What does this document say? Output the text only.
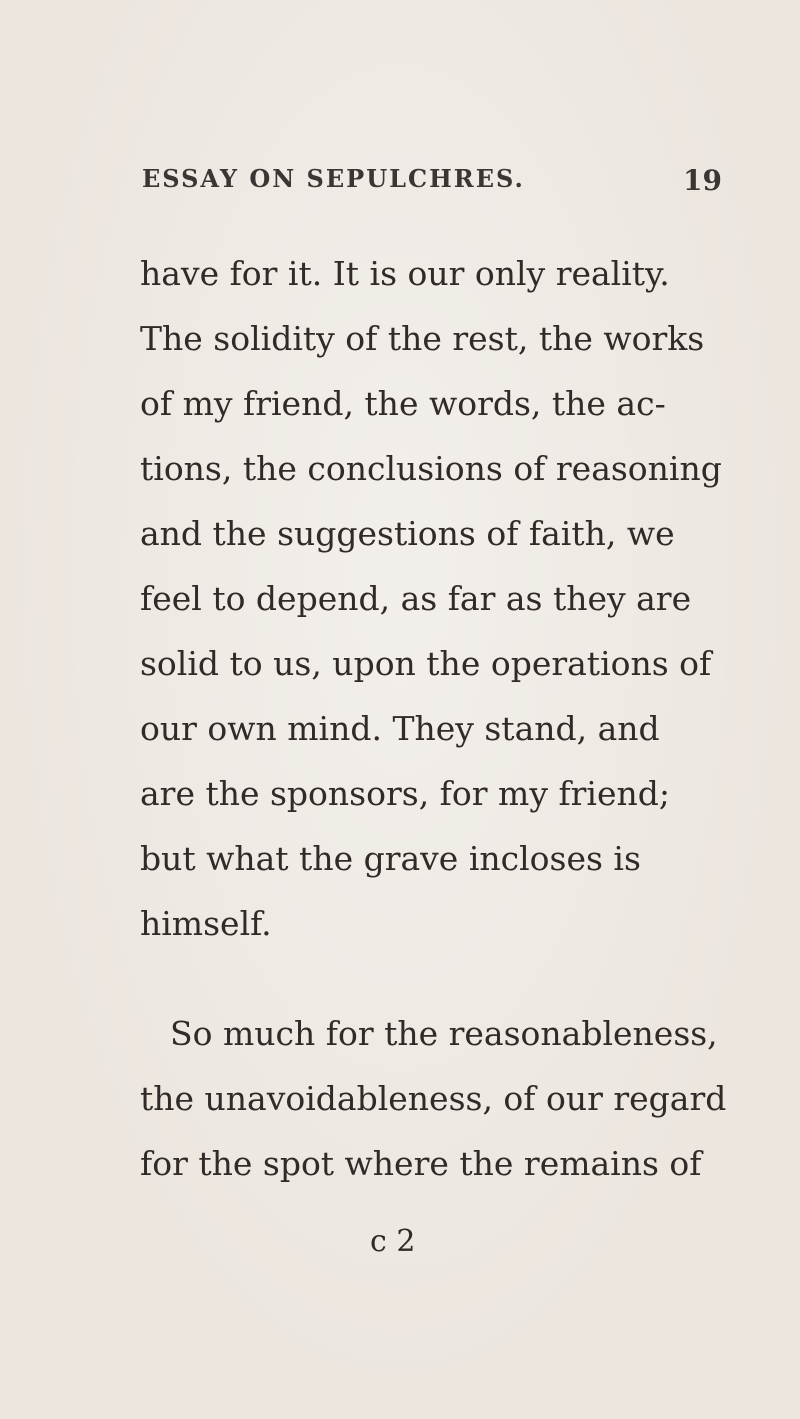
ESSAY ON SEPULCHRES.	19
have for it. It is our only reality.
The solidity of the rest, the works
of my friend, the words, the ac-
tions, the conclusions of reasoning
and the suggestions of faith, we
feel to depend, as far as they are
solid to us, upon the operations of
our own mind. They stand, and
are the sponsors, for my friend;
but what the grave incloses is
himself.
So much for the reasonableness,
the unavoidableness, of our regard
for the spot where the remains of
c 2
